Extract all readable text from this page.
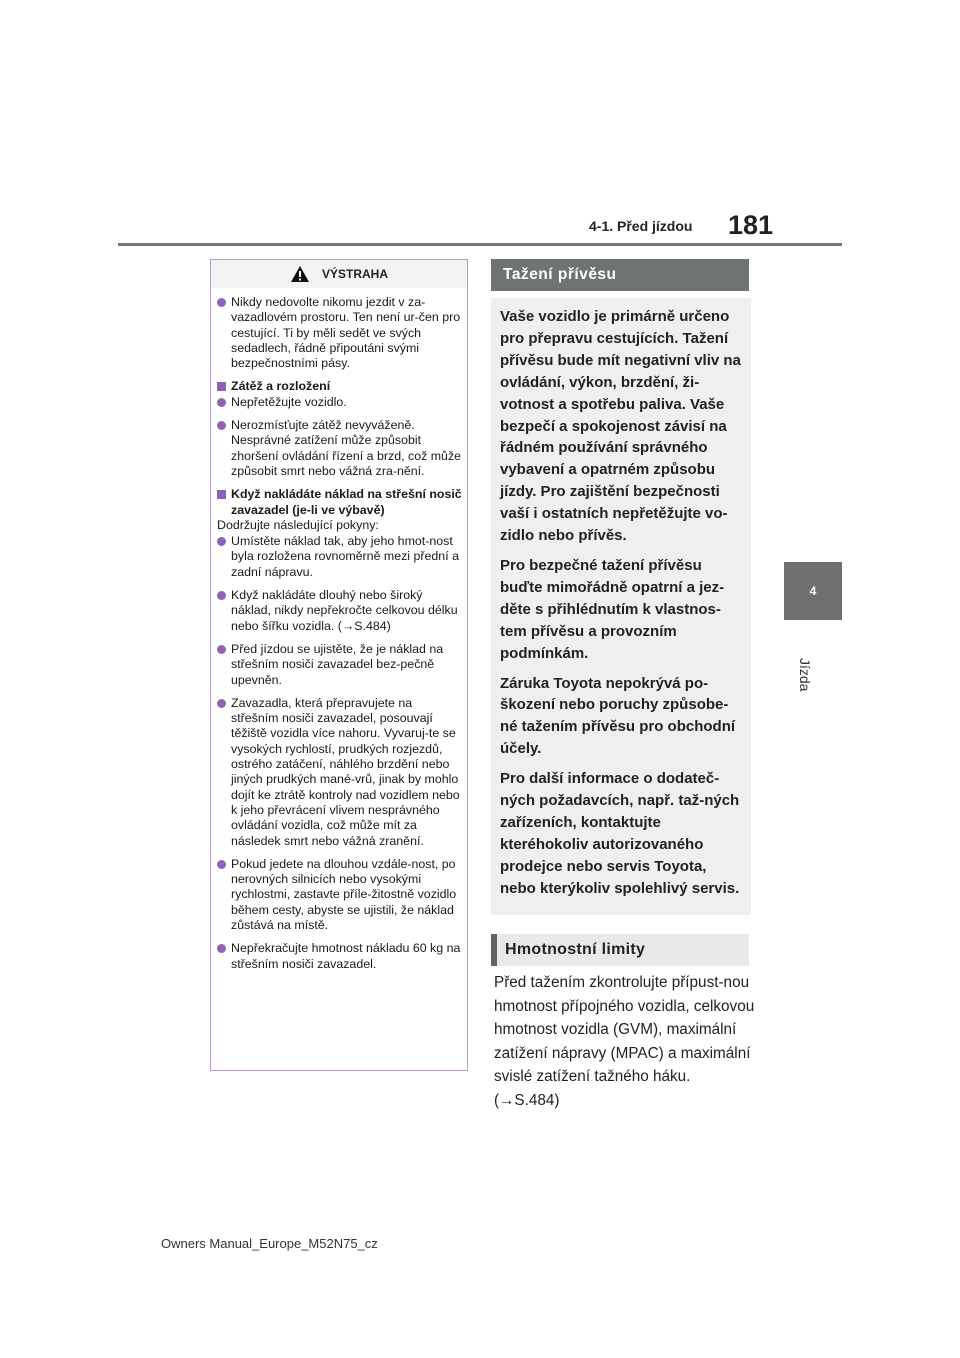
4-1. Před jízdou 181
4
Jízda
VÝSTRAHA
Nikdy nedovolte nikomu jezdit v za-vazadlovém prostoru. Ten není ur-čen pro cestující. Ti by měli sedět ve svých sedadlech, řádně připoutáni svými bezpečnostními pásy.
Zátěž a rozložení
Nepřetěžujte vozidlo.
Nerozmísťujte zátěž nevyváženě. Nesprávné zatížení může způsobit zhoršení ovládání řízení a brzd, což může způsobit smrt nebo vážná zra-nění.
Když nakládáte náklad na střešní nosič zavazadel (je-li ve výbavě)
Dodržujte následující pokyny:
Umístěte náklad tak, aby jeho hmot-nost byla rozložena rovnoměrně mezi přední a zadní nápravu.
Když nakládáte dlouhý nebo široký náklad, nikdy nepřekročte celkovou délku nebo šířku vozidla. (→S.484)
Před jízdou se ujistěte, že je náklad na střešním nosiči zavazadel bez-pečně upevněn.
Zavazadla, která přepravujete na střešním nosiči zavazadel, posouvají těžiště vozidla více nahoru. Vyvaruj-te se vysokých rychlostí, prudkých rozjezdů, ostrého zatáčení, náhlého brzdění nebo jiných prudkých mané-vrů, jinak by mohlo dojít ke ztrátě kontroly nad vozidlem nebo k jeho převrácení vlivem nesprávného ovládání vozidla, což může mít za následek smrt nebo vážná zranění.
Pokud jedete na dlouhou vzdále-nost, po nerovných silnicích nebo vysokými rychlostmi, zastavte příle-žitostně vozidlo během cesty, abyste se ujistili, že náklad zůstává na místě.
Nepřekračujte hmotnost nákladu 60 kg na střešním nosiči zavazadel.
Tažení přívěsu

Vaše vozidlo je primárně určeno pro přepravu cestujících. Tažení přívěsu bude mít negativní vliv na ovládání, výkon, brzdění, ži-votnost a spotřebu paliva. Vaše bezpečí a spokojenost závisí na řádném používání správného vybavení a opatrném způsobu jízdy. Pro zajištění bezpečnosti vaší i ostatních nepřetěžujte vo-zidlo nebo přívěs.

Pro bezpečné tažení přívěsu buďte mimořádně opatrní a jez-děte s přihlédnutím k vlastnos-tem přívěsu a provozním podmínkám.

Záruka Toyota nepokrývá po-škození nebo poruchy způsobe-né tažením přívěsu pro obchodní účely.

Pro další informace o dodateč-ných požadavcích, např. taž-ných zařízeních, kontaktujte kteréhokoliv autorizovaného prodejce nebo servis Toyota, nebo kterýkoliv spolehlivý servis.

Hmotnostní limity
Před tažením zkontrolujte přípust-nou hmotnost přípojného vozidla, celkovou hmotnost vozidla (GVM), maximální zatížení nápravy (MPAC) a maximální svislé zatížení tažného háku. (→S.484)
Owners Manual_Europe_M52N75_cz
